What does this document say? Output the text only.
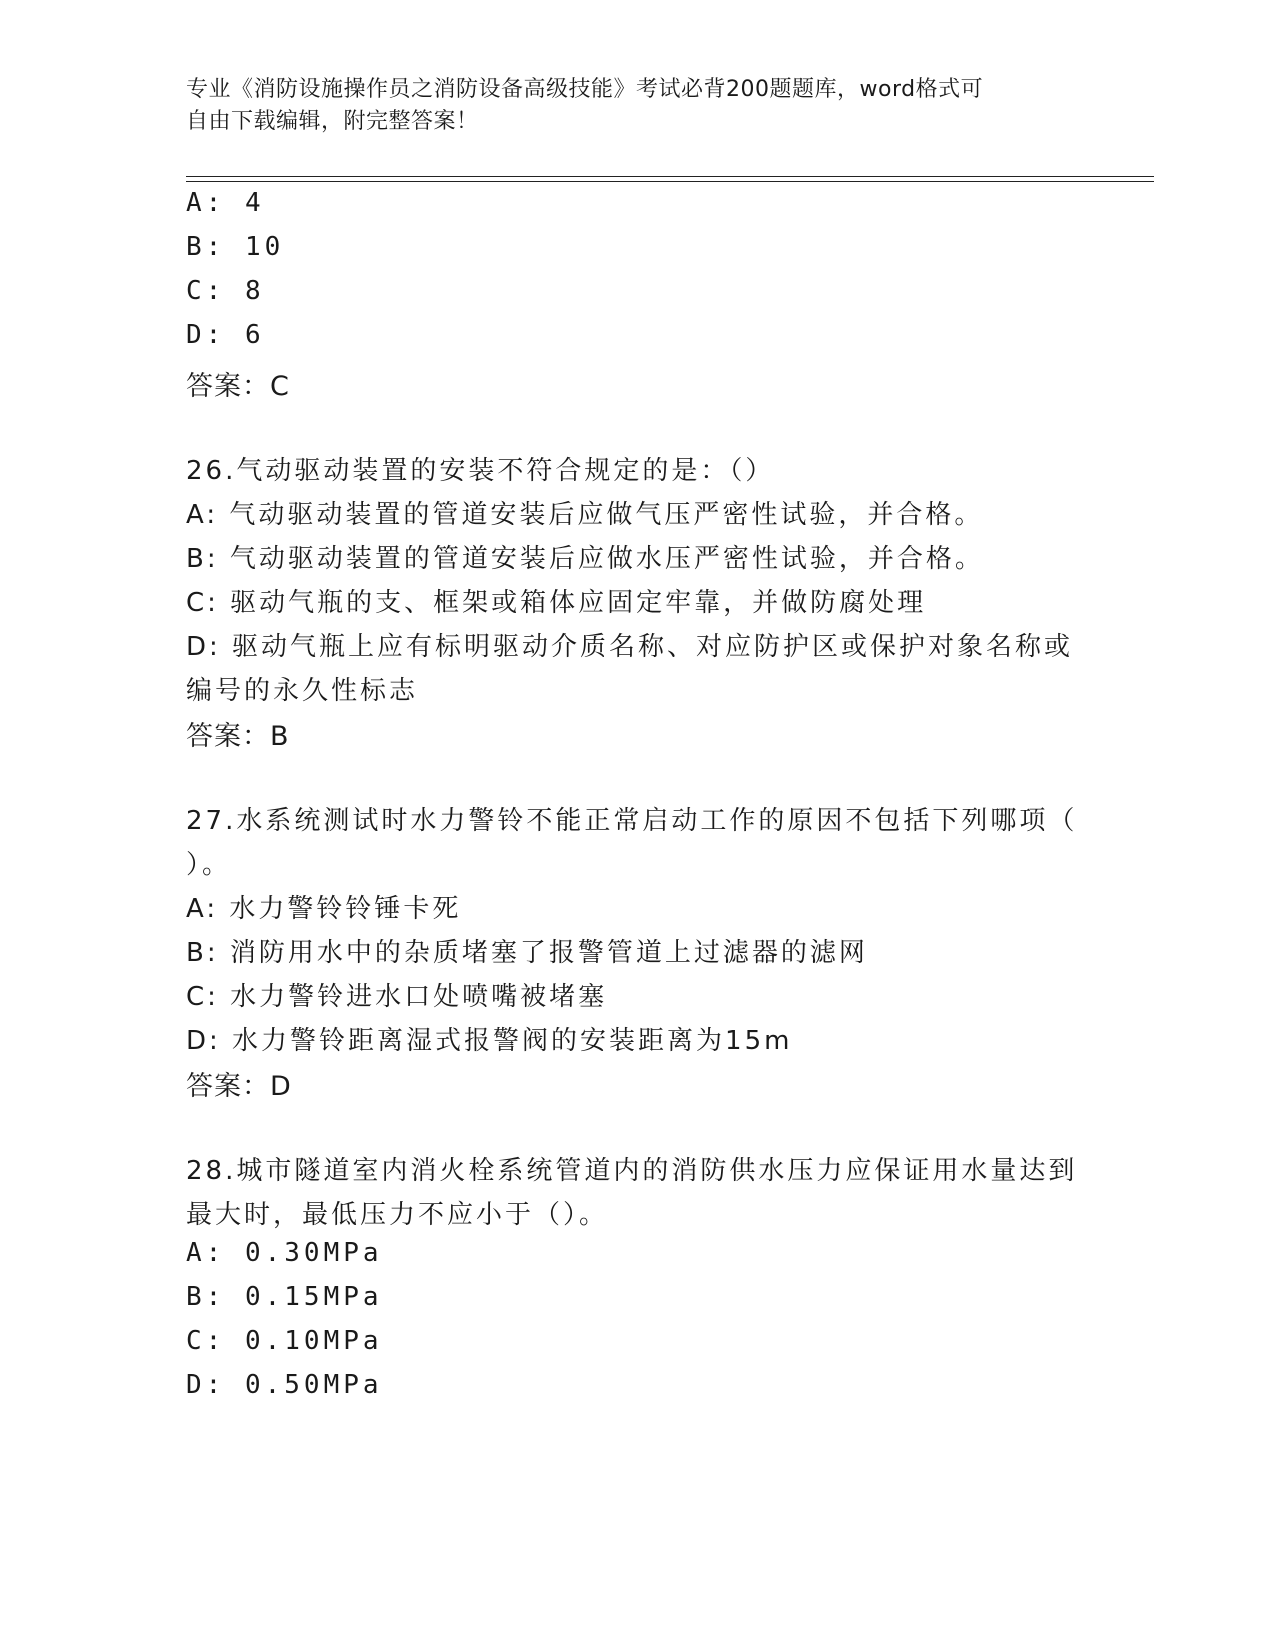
专业《消防设施操作员之消防设备高级技能》考试必背200题题库，word格式可
自由下载编辑，附完整答案！
A: 4
B: 10
C: 8
D: 6
答案：C
26.气动驱动装置的安装不符合规定的是：（）
A: 气动驱动装置的管道安装后应做气压严密性试验，并合格。
B: 气动驱动装置的管道安装后应做水压严密性试验，并合格。
C: 驱动气瓶的支、框架或箱体应固定牢靠，并做防腐处理
D: 驱动气瓶上应有标明驱动介质名称、对应防护区或保护对象名称或
编号的永久性标志
答案：B
27.水系统测试时水力警铃不能正常启动工作的原因不包括下列哪项（
）。
A: 水力警铃铃锤卡死
B: 消防用水中的杂质堵塞了报警管道上过滤器的滤网
C: 水力警铃进水口处喷嘴被堵塞
D: 水力警铃距离湿式报警阀的安装距离为15m
答案：D
28.城市隧道室内消火栓系统管道内的消防供水压力应保证用水量达到
最大时，最低压力不应小于（）。
A: 0.30MPa
B: 0.15MPa
C: 0.10MPa
D: 0.50MPa
